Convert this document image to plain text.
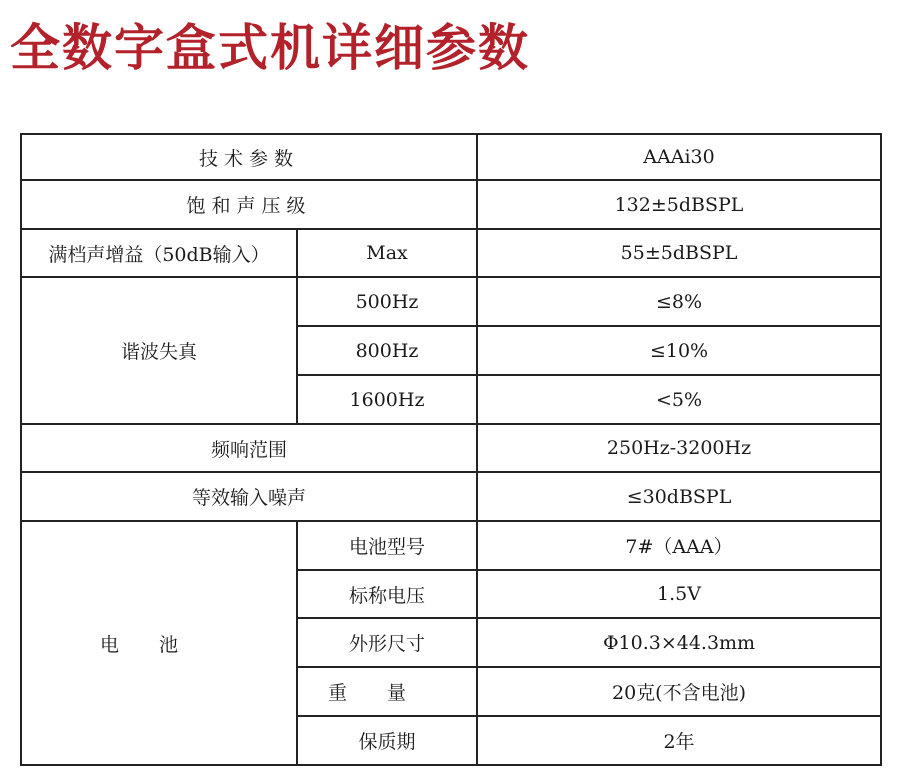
全数字盒式机详细参数
技术参数		AAAi30
饱和声压级		132±5dBSPL
满档声增益（50dB输入）	Max	55±5dBSPL
谐波失真	500Hz	≤8%
	800Hz	≤10%
	1600Hz	<5%
频响范围		250Hz-3200Hz
等效输入噪声		≤30dBSPL
电池	电池型号	7#（AAA）
	标称电压	1.5V
	外形尺寸	Φ10.3×44.3mm
	重量	20克(不含电池)
	保质期	2年
